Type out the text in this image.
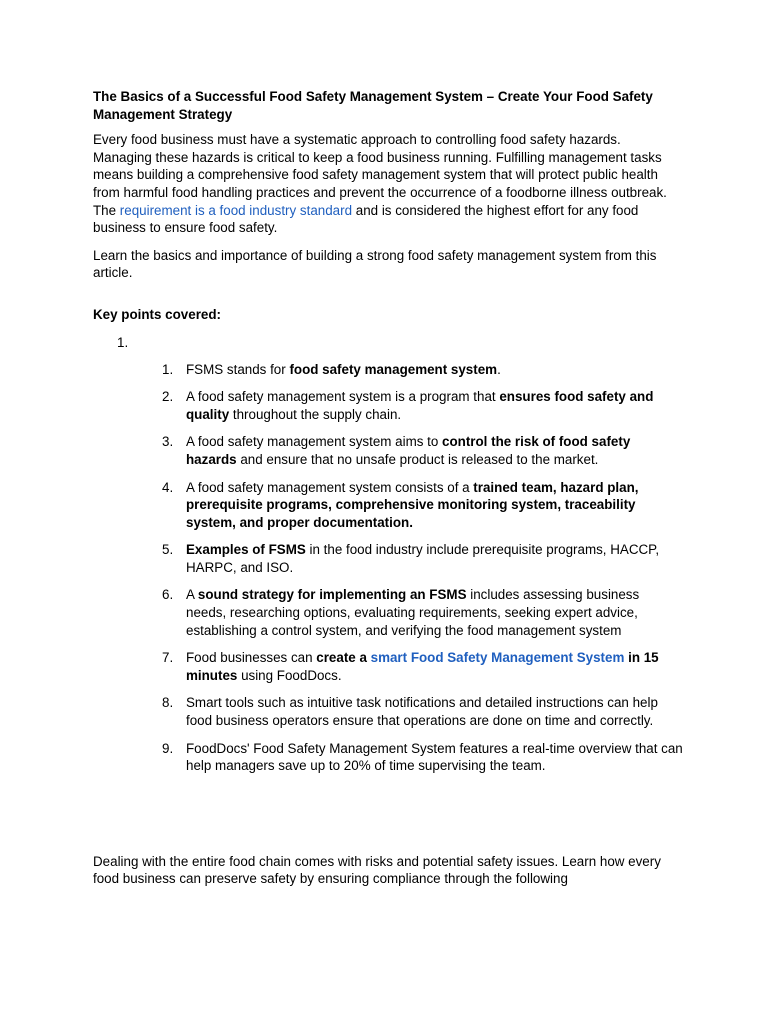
The Basics of a Successful Food Safety Management System – Create Your Food Safety Management Strategy

Every food business must have a systematic approach to controlling food safety hazards. Managing these hazards is critical to keep a food business running. Fulfilling management tasks means building a comprehensive food safety management system that will protect public health from harmful food handling practices and prevent the occurrence of a foodborne illness outbreak. The requirement is a food industry standard and is considered the highest effort for any food business to ensure food safety.

Learn the basics and importance of building a strong food safety management system from this article.

Key points covered:
1.
1. FSMS stands for food safety management system.
2. A food safety management system is a program that ensures food safety and quality throughout the supply chain.
3. A food safety management system aims to control the risk of food safety hazards and ensure that no unsafe product is released to the market.
4. A food safety management system consists of a trained team, hazard plan, prerequisite programs, comprehensive monitoring system, traceability system, and proper documentation.
5. Examples of FSMS in the food industry include prerequisite programs, HACCP, HARPC, and ISO.
6. A sound strategy for implementing an FSMS includes assessing business needs, researching options, evaluating requirements, seeking expert advice, establishing a control system, and verifying the food management system
7. Food businesses can create a smart Food Safety Management System in 15 minutes using FoodDocs.
8. Smart tools such as intuitive task notifications and detailed instructions can help food business operators ensure that operations are done on time and correctly.
9. FoodDocs' Food Safety Management System features a real-time overview that can help managers save up to 20% of time supervising the team.

Dealing with the entire food chain comes with risks and potential safety issues. Learn how every food business can preserve safety by ensuring compliance through the following
